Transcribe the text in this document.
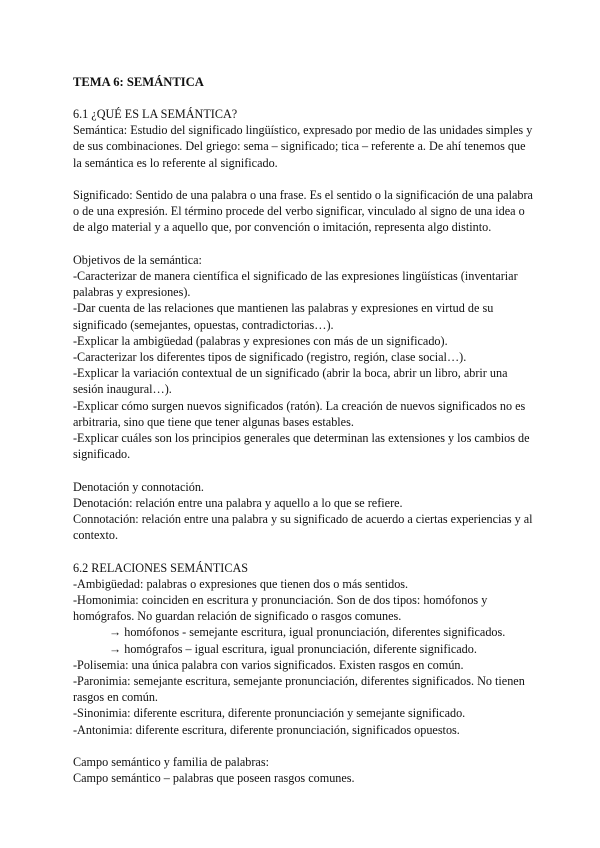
TEMA 6: SEMÁNTICA

6.1 ¿QUÉ ES LA SEMÁNTICA?

Semántica: Estudio del significado lingüístico, expresado por medio de las unidades simples y de sus combinaciones. Del griego: sema – significado; tica – referente a. De ahí tenemos que la semántica es lo referente al significado.

Significado: Sentido de una palabra o una frase. Es el sentido o la significación de una palabra o de una expresión. El término procede del verbo significar, vinculado al signo de una idea o de algo material y a aquello que, por convención o imitación, representa algo distinto.

Objetivos de la semántica:

-Caracterizar de manera científica el significado de las expresiones lingüísticas (inventariar palabras y expresiones).

-Dar cuenta de las relaciones que mantienen las palabras y expresiones en virtud de su significado (semejantes, opuestas, contradictorias…).

-Explicar la ambigüedad (palabras y expresiones con más de un significado).

-Caracterizar los diferentes tipos de significado (registro, región, clase social…).

-Explicar la variación contextual de un significado (abrir la boca, abrir un libro, abrir una sesión inaugural…).

-Explicar cómo surgen nuevos significados (ratón). La creación de nuevos significados no es arbitraria, sino que tiene que tener algunas bases estables.

-Explicar cuáles son los principios generales que determinan las extensiones y los cambios de significado.

Denotación y connotación.

Denotación: relación entre una palabra y aquello a lo que se refiere.

Connotación: relación entre una palabra y su significado de acuerdo a ciertas experiencias y al contexto.

6.2 RELACIONES SEMÁNTICAS

-Ambigüedad: palabras o expresiones que tienen dos o más sentidos.

-Homonimia: coinciden en escritura y pronunciación. Son de dos tipos: homófonos y homógrafos. No guardan relación de significado o rasgos comunes.

→ homófonos - semejante escritura, igual pronunciación, diferentes significados.

→ homógrafos – igual escritura, igual pronunciación, diferente significado.

-Polisemia: una única palabra con varios significados. Existen rasgos en común.

-Paronimia: semejante escritura, semejante pronunciación, diferentes significados. No tienen rasgos en común.

-Sinonimia: diferente escritura, diferente pronunciación y semejante significado.

-Antonimia: diferente escritura, diferente pronunciación, significados opuestos.

Campo semántico y familia de palabras:

Campo semántico – palabras que poseen rasgos comunes.
